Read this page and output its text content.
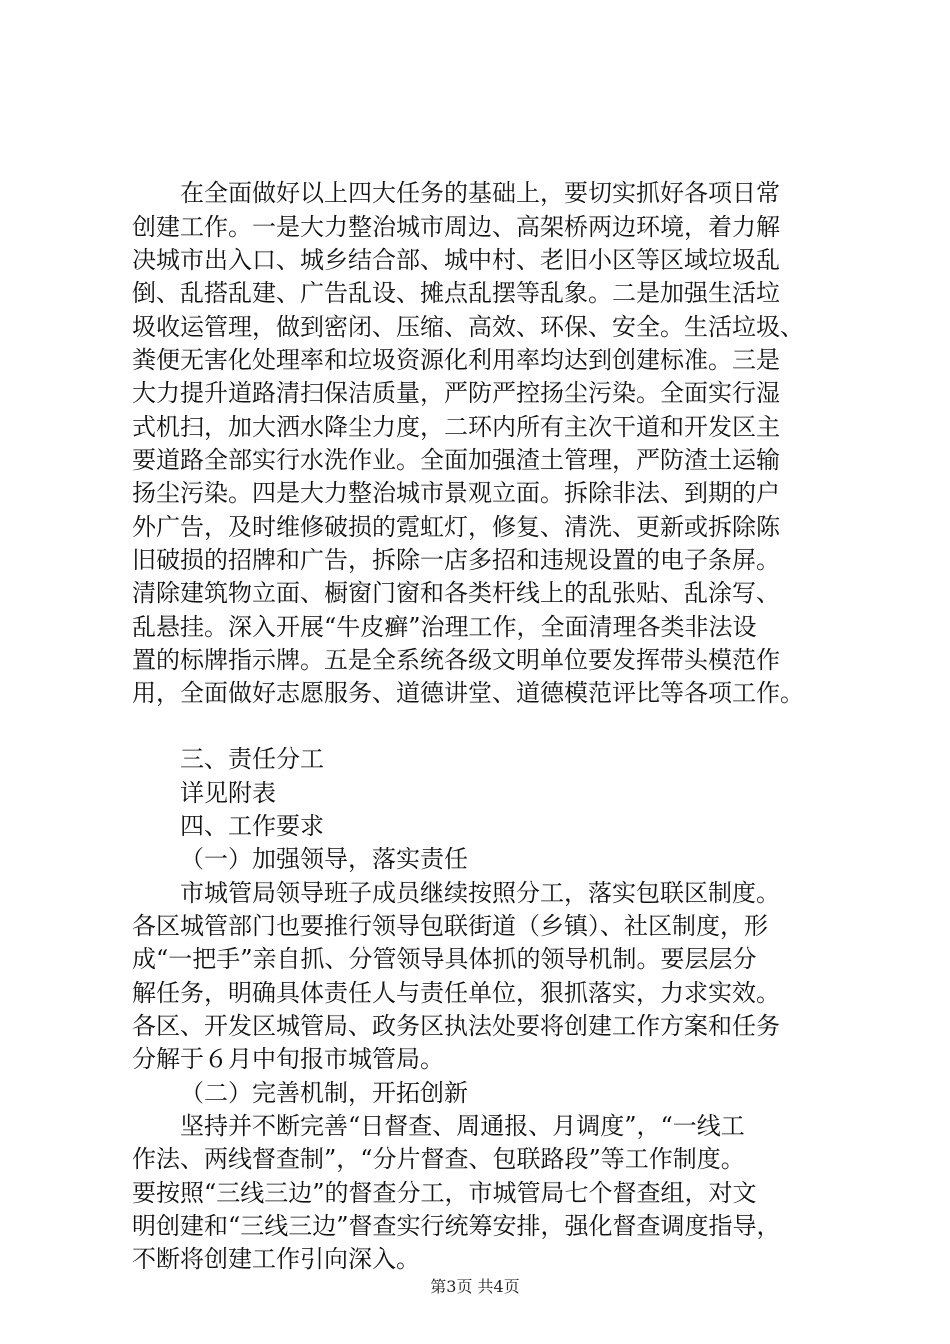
在全面做好以上四大任务的基础上，要切实抓好各项日常
创建工作。一是大力整治城市周边、高架桥两边环境，着力解
决城市出入口、城乡结合部、城中村、老旧小区等区域垃圾乱
倒、乱搭乱建、广告乱设、摊点乱摆等乱象。二是加强生活垃
圾收运管理，做到密闭、压缩、高效、环保、安全。生活垃圾、
粪便无害化处理率和垃圾资源化利用率均达到创建标准。三是
大力提升道路清扫保洁质量，严防严控扬尘污染。全面实行湿
式机扫，加大洒水降尘力度，二环内所有主次干道和开发区主
要道路全部实行水洗作业。全面加强渣土管理，严防渣土运输
扬尘污染。四是大力整治城市景观立面。拆除非法、到期的户
外广告，及时维修破损的霓虹灯，修复、清洗、更新或拆除陈
旧破损的招牌和广告，拆除一店多招和违规设置的电子条屏。
清除建筑物立面、橱窗门窗和各类杆线上的乱张贴、乱涂写、
乱悬挂。深入开展“牛皮癣”治理工作，全面清理各类非法设
置的标牌指示牌。五是全系统各级文明单位要发挥带头模范作
用，全面做好志愿服务、道德讲堂、道德模范评比等各项工作。
三、责任分工
详见附表
四、工作要求
（一）加强领导，落实责任
市城管局领导班子成员继续按照分工，落实包联区制度。
各区城管部门也要推行领导包联街道（乡镇）、社区制度，形
成“一把手”亲自抓、分管领导具体抓的领导机制。要层层分
解任务，明确具体责任人与责任单位，狠抓落实，力求实效。
各区、开发区城管局、政务区执法处要将创建工作方案和任务
分解于６月中旬报市城管局。
（二）完善机制，开拓创新
坚持并不断完善“日督查、周通报、月调度”，“一线工
作法、两线督查制”，“分片督查、包联路段”等工作制度。
要按照“三线三边”的督查分工，市城管局七个督查组，对文
明创建和“三线三边”督查实行统筹安排，强化督查调度指导，
不断将创建工作引向深入。
第3页 共4页
